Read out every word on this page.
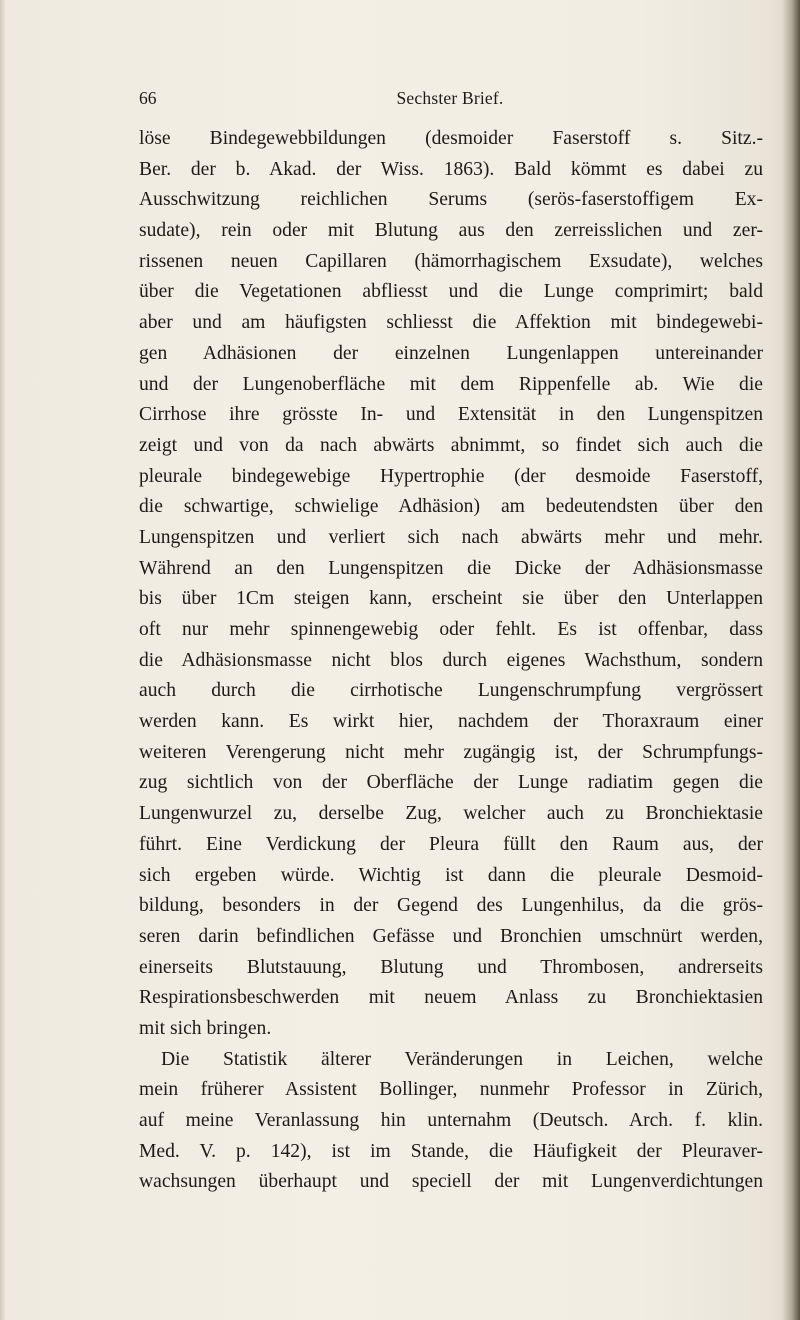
66	Sechster Brief.
löse Bindegewebbildungen (desmoider Faserstoff s. Sitz.-
Ber. der b. Akad. der Wiss. 1863). Bald kömmt es dabei zu
Ausschwitzung reichlichen Serums (serös-faserstoffigem Ex-
sudate), rein oder mit Blutung aus den zerreisslichen und zer-
rissenen neuen Capillaren (hämorrhagischem Exsudate), welches
über die Vegetationen abfliesst und die Lunge comprimirt; bald
aber und am häufigsten schliesst die Affektion mit bindegewebi-
gen Adhäsionen der einzelnen Lungenlappen untereinander
und der Lungenoberfläche mit dem Rippenfelle ab. Wie die
Cirrhose ihre grösste In- und Extensität in den Lungenspitzen
zeigt und von da nach abwärts abnimmt, so findet sich auch die
pleurale bindegewebige Hypertrophie (der desmoide Faserstoff,
die schwartige, schwielige Adhäsion) am bedeutendsten über den
Lungenspitzen und verliert sich nach abwärts mehr und mehr.
Während an den Lungenspitzen die Dicke der Adhäsionsmasse
bis über 1Cm steigen kann, erscheint sie über den Unterlappen
oft nur mehr spinnengewebig oder fehlt. Es ist offenbar, dass
die Adhäsionsmasse nicht blos durch eigenes Wachsthum, sondern
auch durch die cirrhotische Lungenschrumpfung vergrössert
werden kann. Es wirkt hier, nachdem der Thoraxraum einer
weiteren Verengerung nicht mehr zugängig ist, der Schrumpfungs-
zug sichtlich von der Oberfläche der Lunge radiatim gegen die
Lungenwurzel zu, derselbe Zug, welcher auch zu Bronchiektasie
führt. Eine Verdickung der Pleura füllt den Raum aus, der
sich ergeben würde. Wichtig ist dann die pleurale Desmoid-
bildung, besonders in der Gegend des Lungenhilus, da die grös-
seren darin befindlichen Gefässe und Bronchien umschnürt werden,
einerseits Blutstauung, Blutung und Thrombosen, andrerseits
Respirationsbeschwerden mit neuem Anlass zu Bronchiektasien
mit sich bringen.
Die Statistik älterer Veränderungen in Leichen, welche
mein früherer Assistent Bollinger, nunmehr Professor in Zürich,
auf meine Veranlassung hin unternahm (Deutsch. Arch. f. klin.
Med. V. p. 142), ist im Stande, die Häufigkeit der Pleuraver-
wachsungen überhaupt und speciell der mit Lungenverdichtungen
